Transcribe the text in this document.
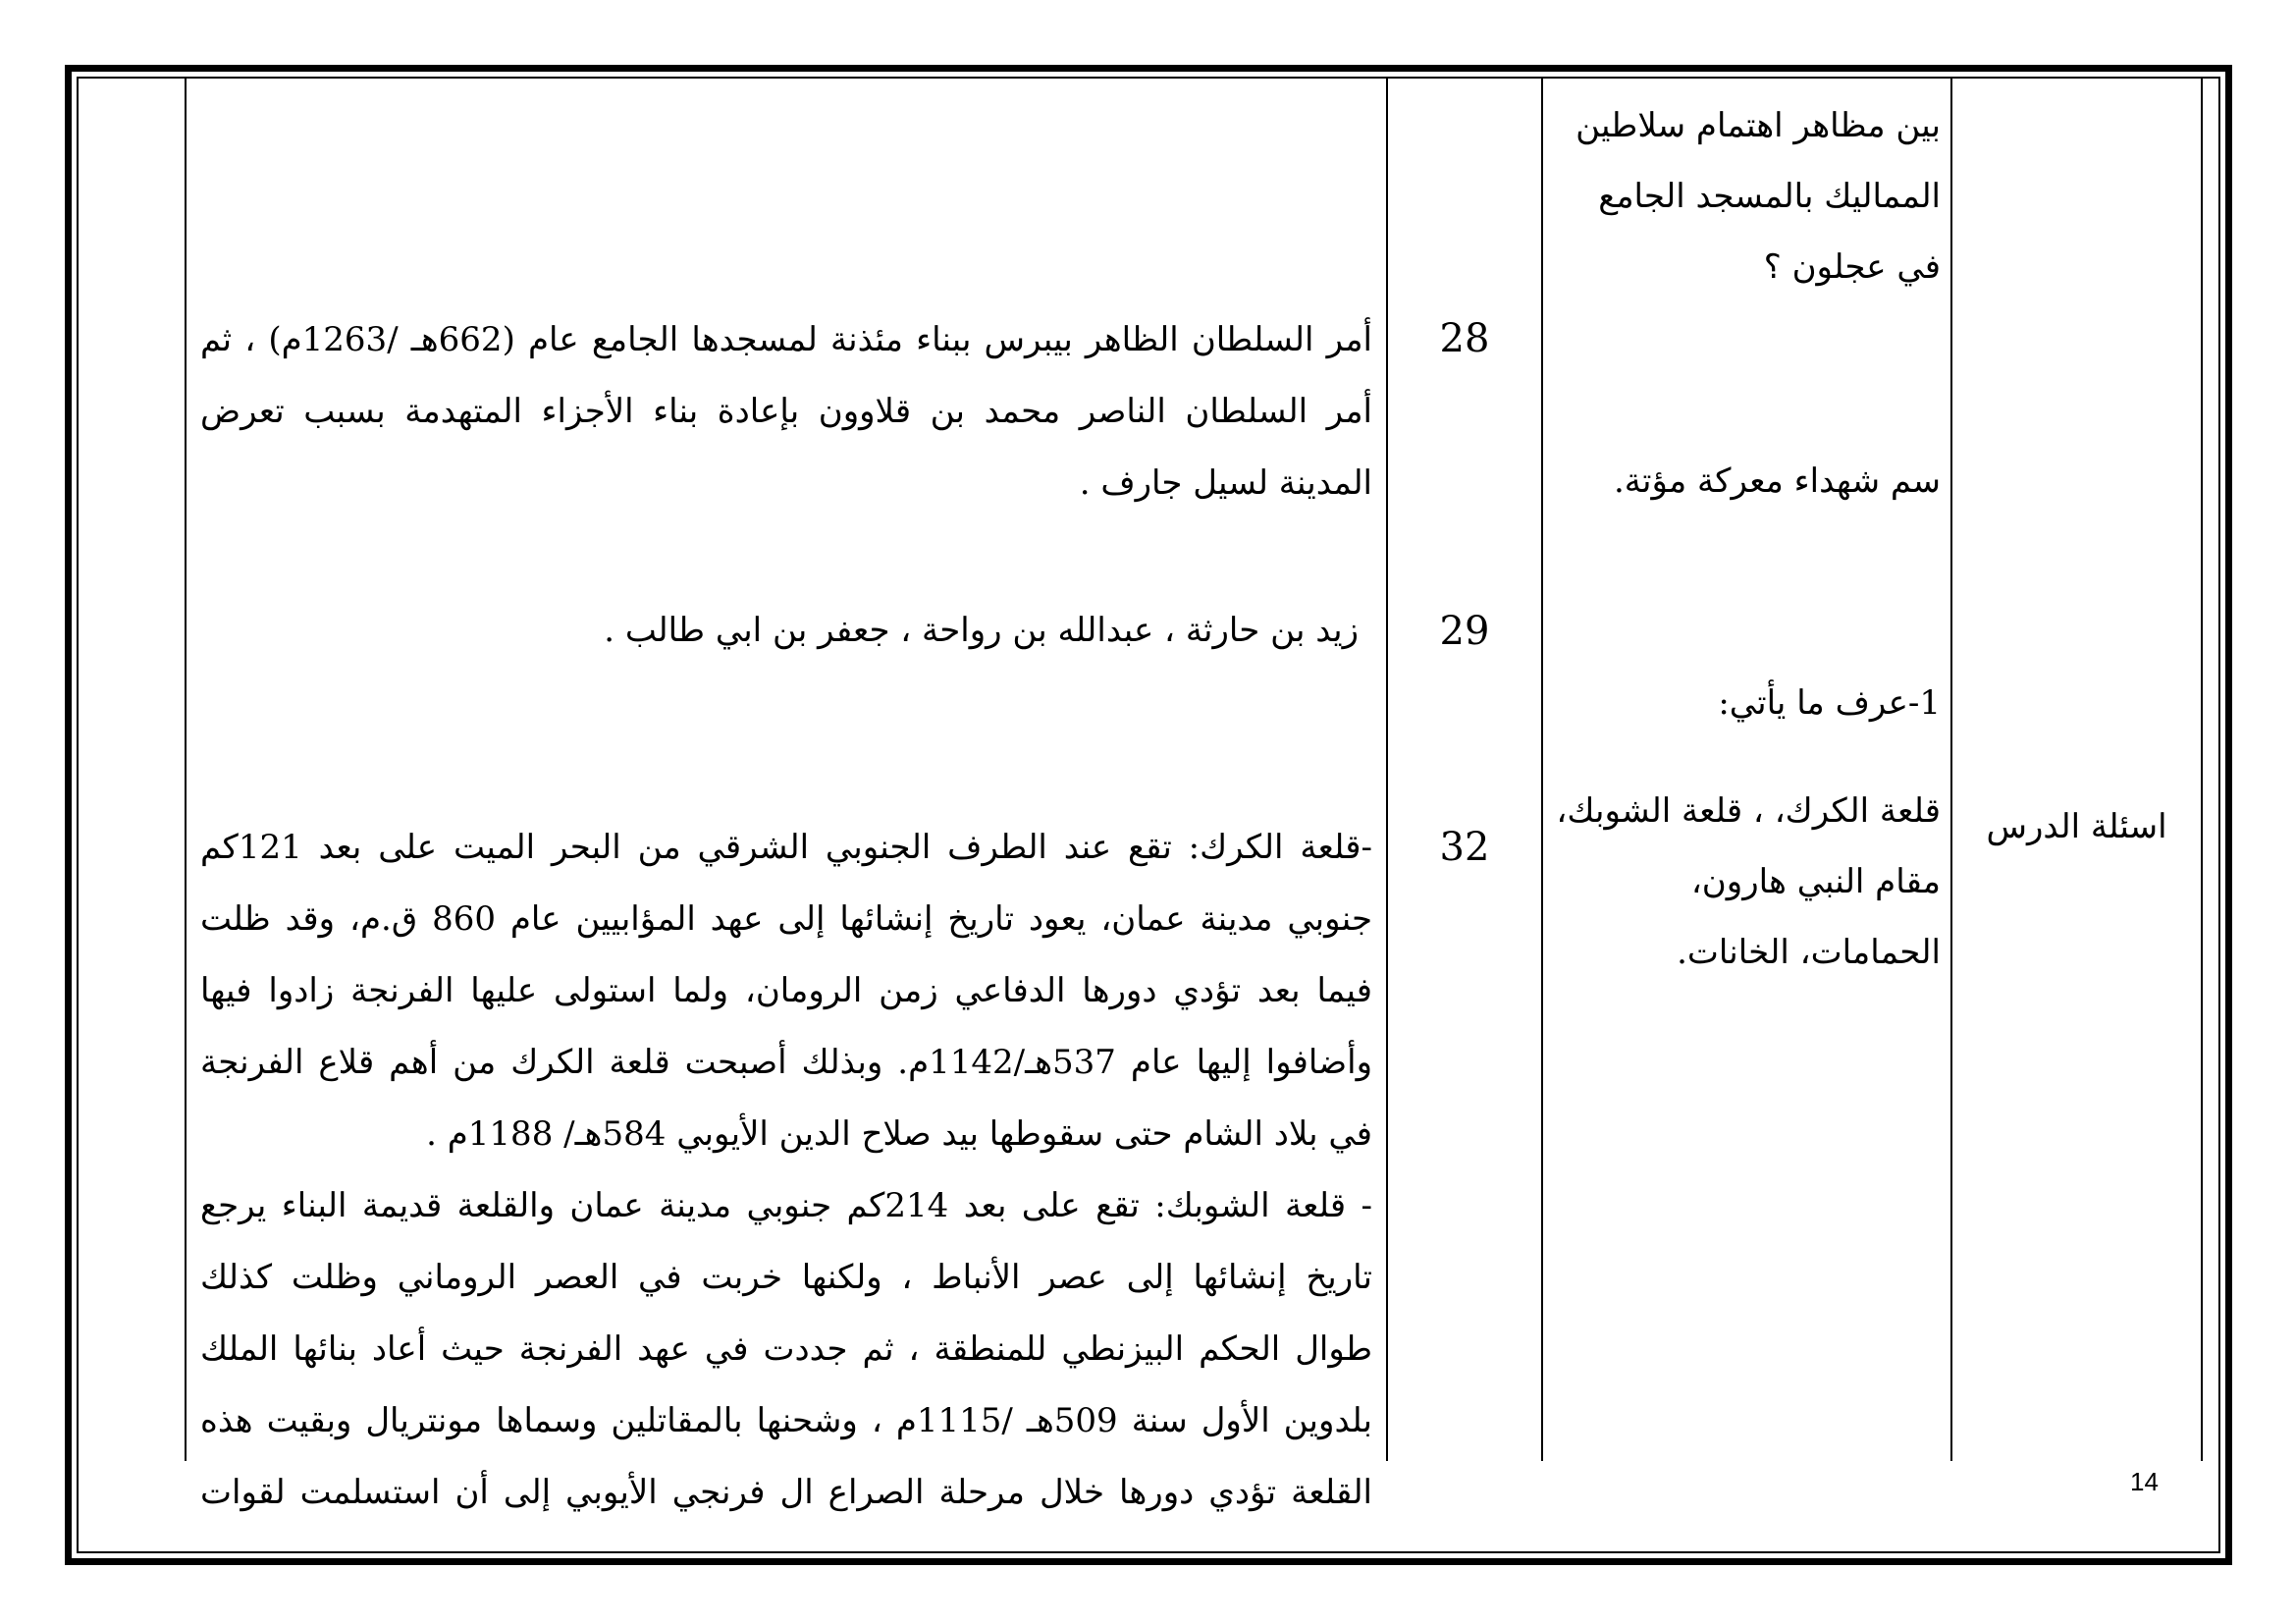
أمر السلطان الظاهر بيبرس ببناء مئذنة لمسجدها الجامع عام (662هـ /1263م) ، ثم
أمر السلطان الناصر محمد بن قلاوون بإعادة بناء الأجزاء المتهدمة بسبب تعرض
المدينة لسيل جارف .
زيد بن حارثة ، عبدالله بن رواحة ، جعفر بن ابي طالب .
-قلعة الكرك: تقع عند الطرف الجنوبي الشرقي من البحر الميت على بعد 121كم
جنوبي مدينة عمان، يعود تاريخ إنشائها إلى عهد المؤابيين عام 860 ق.م، وقد ظلت
فيما بعد تؤدي دورها الدفاعي زمن الرومان، ولما استولى عليها الفرنجة زادوا فيها
وأضافوا إليها عام 537هـ/1142م. وبذلك أصبحت قلعة الكرك من أهم قلاع الفرنجة
في بلاد الشام حتى سقوطها بيد صلاح الدين الأيوبي 584هـ/ 1188م .
- قلعة الشوبك: تقع على بعد 214كم جنوبي مدينة عمان والقلعة قديمة البناء يرجع
تاريخ إنشائها إلى عصر الأنباط ، ولكنها خربت في العصر الروماني وظلت كذلك
طوال الحكم البيزنطي للمنطقة ، ثم جددت في عهد الفرنجة حيث أعاد بنائها الملك
بلدوين الأول سنة 509هـ /1115م ، وشحنها بالمقاتلين وسماها مونتريال وبقيت هذه
القلعة تؤدي دورها خلال مرحلة الصراع ال فرنجي الأيوبي إلى أن استسلمت لقوات
28
29
32
بين مظاهر اهتمام سلاطين
المماليك بالمسجد الجامع
في عجلون ؟
سم شهداء معركة مؤتة.
1-عرف ما يأتي:
قلعة الكرك، ، قلعة الشوبك،
مقام النبي هارون،
الحمامات، الخانات.
اسئلة الدرس
14
